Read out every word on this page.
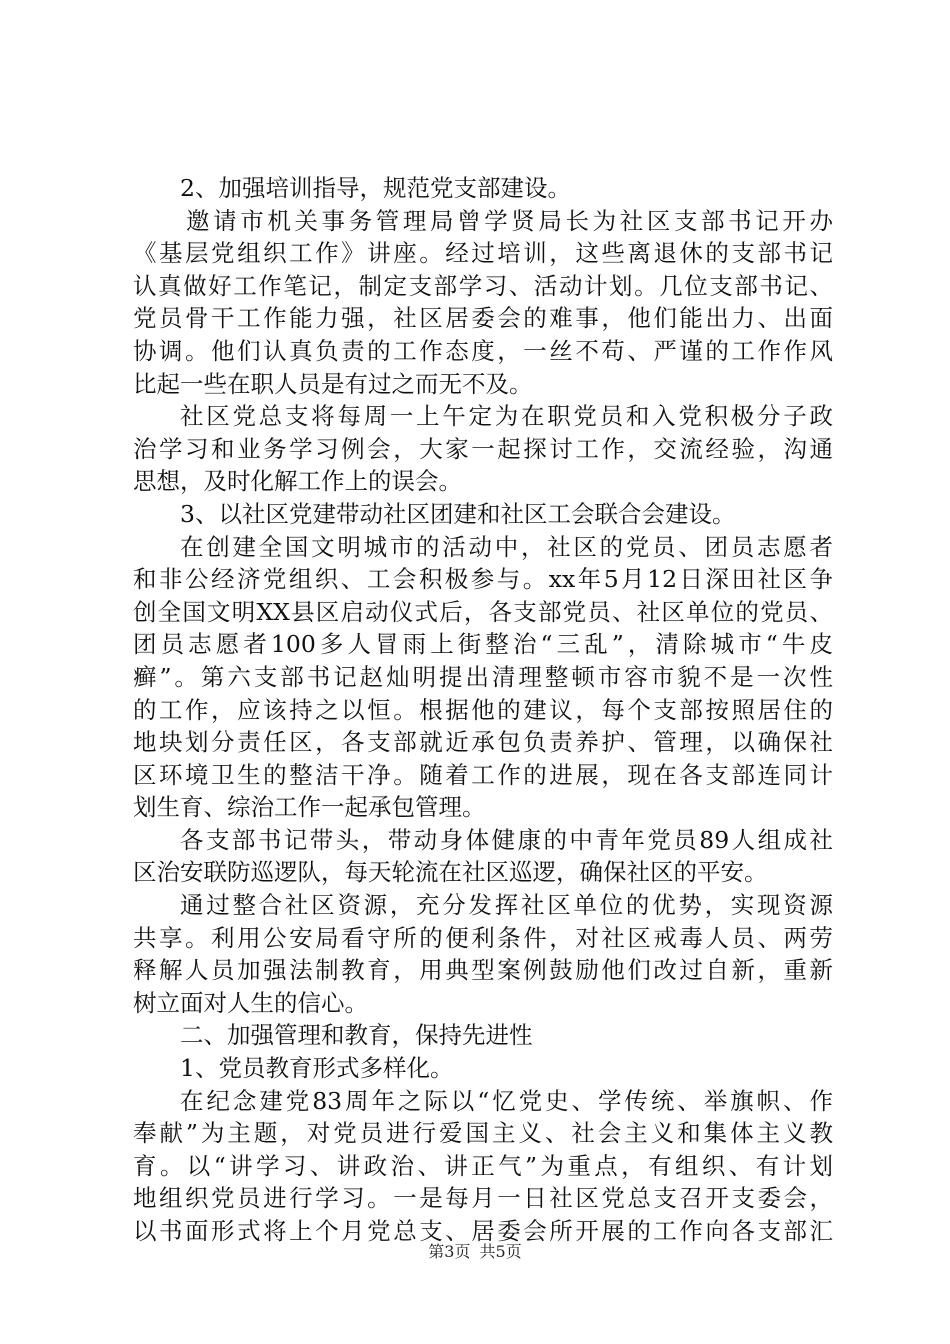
2、加强培训指导，规范党支部建设。
邀请市机关事务管理局曾学贤局长为社区支部书记开办
《基层党组织工作》讲座。经过培训，这些离退休的支部书记
认真做好工作笔记，制定支部学习、活动计划。几位支部书记、
党员骨干工作能力强，社区居委会的难事，他们能出力、出面
协调。他们认真负责的工作态度，一丝不苟、严谨的工作作风
比起一些在职人员是有过之而无不及。
社区党总支将每周一上午定为在职党员和入党积极分子政
治学习和业务学习例会，大家一起探讨工作，交流经验，沟通
思想，及时化解工作上的误会。
3、以社区党建带动社区团建和社区工会联合会建设。
在创建全国文明城市的活动中，社区的党员、团员志愿者
和非公经济党组织、工会积极参与。xx年5月12日深田社区争
创全国文明XX县区启动仪式后，各支部党员、社区单位的党员、
团员志愿者100多人冒雨上街整治“三乱”，清除城市“牛皮
癣”。第六支部书记赵灿明提出清理整顿市容市貌不是一次性
的工作，应该持之以恒。根据他的建议，每个支部按照居住的
地块划分责任区，各支部就近承包负责养护、管理，以确保社
区环境卫生的整洁干净。随着工作的进展，现在各支部连同计
划生育、综治工作一起承包管理。
各支部书记带头，带动身体健康的中青年党员89人组成社
区治安联防巡逻队，每天轮流在社区巡逻，确保社区的平安。
通过整合社区资源，充分发挥社区单位的优势，实现资源
共享。利用公安局看守所的便利条件，对社区戒毒人员、两劳
释解人员加强法制教育，用典型案例鼓励他们改过自新，重新
树立面对人生的信心。
二、加强管理和教育，保持先进性
1、党员教育形式多样化。
在纪念建党83周年之际以“忆党史、学传统、举旗帜、作
奉献”为主题，对党员进行爱国主义、社会主义和集体主义教
育。以“讲学习、讲政治、讲正气”为重点，有组织、有计划
地组织党员进行学习。一是每月一日社区党总支召开支委会，
以书面形式将上个月党总支、居委会所开展的工作向各支部汇
第3页 共5页
